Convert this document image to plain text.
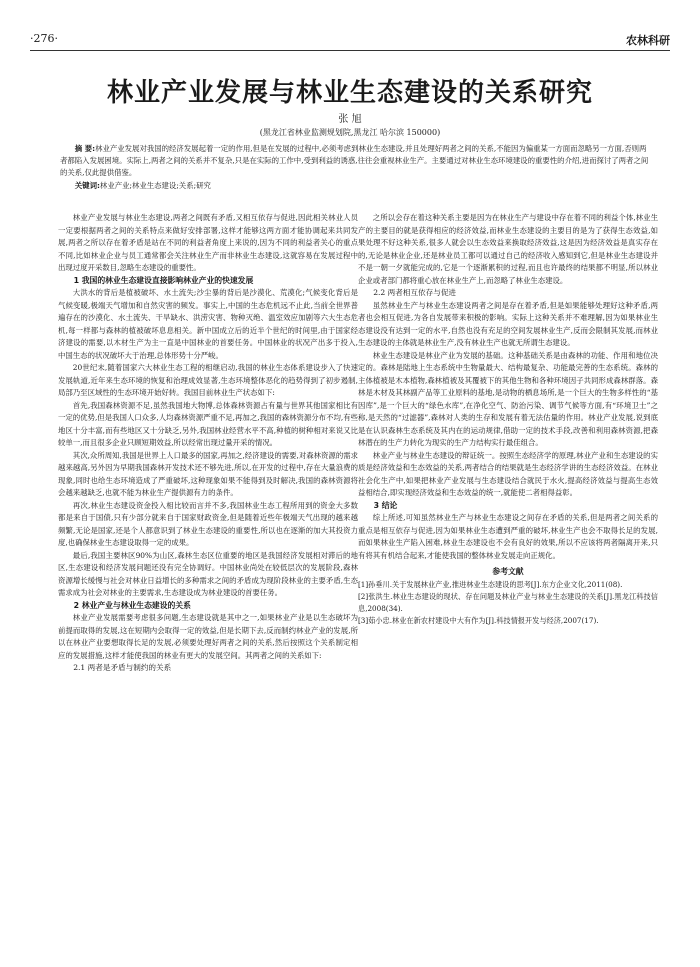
·276·	农林科研
林业产业发展与林业生态建设的关系研究
张 旭
(黑龙江省林业监测规划院,黑龙江 哈尔滨 150000)
  摘 要:林业产业发展对我国的经济发展起着一定的作用,但是在发展的过程中,必须考虑到林业生态建设,并且处理好两者之间的关系,不能因为偏重某一方面而忽略另一方面,否则两者都陷入发展困境。实际上,两者之间的关系并不复杂,只是在实际的工作中,受到利益的诱惑,往往会重视林业生产。主要通过对林业生态环境建设的重要性的介绍,进而探讨了两者之间的关系,仅此提供借鉴。
  关键词:林业产业;林业生态建设;关系;研究

林业产业发展与林业生态建设,两者之间既有矛盾,又相互依存与促进,因此相关林业人员一定要根据两者之间的关系特点来做好安排部署,这样才能够这两方面才能协调起来共同发展,两者之所以存在着矛盾是站在不同的利益者角度上来说的,因为不同的利益者关心的重点不同,比如林业企业与员工通常都会关注林业生产而非林业生态建设,这就容易在发展过程中出现过度开采数目,忽略生态建设的重要性。

1 我国的林业生态建设直接影响林业产业的快速发展

大洪水的背后是植被破坏、水土流失;沙尘暴的背后是沙漠化、荒漠化;气候变化背后是气候变暖,极端天气增加和自然灾害的频发。事实上,中国的生态危机远不止此,当前全世界普遍存在的沙漠化、水土流失、干旱缺水、洪涝灾害、物种灭绝、温室效应加剧等六大生态危机,每一样都与森林的植被破坏息息相关。新中国成立后的近半个世纪的时间里,由于国家经济建设的需要,以木材生产为主一直是中国林业的首要任务。中国林业的状况产出多于投入,中国生态的状况破坏大于治理,总体形势十分严峻。

20世纪末,随着国家六大林业生态工程的相继启动,我国的林业生态体系建设步入了快速发展轨道,近年来生态环境的恢复和治理成效显著,生态环境整体恶化的趋势得到了初步遏制,局部乃至区域性的生态环境开始好转。我国目前林业生产状态如下:

首先,我国森林资源不足,虽然我国地大物博,总体森林资源占有量与世界其他国家相比有一定的优势,但是我国人口众多,人均森林资源严重不足,再加之,我国的森林资源分布不均,有些地区十分丰富,而有些地区又十分缺乏,另外,我国林业经营水平不高,种植的树种相对来说又比较单一,而且很多企业只顾短期效益,所以经常出现过量开采的情况。

其次,众所周知,我国是世界上人口最多的国家,再加之,经济建设的需要,对森林资源的需求越来越高,另外因为早期我国森林开发技术还不够先进,所以,在开发的过程中,存在大量浪费的现象,同时也给生态环境造成了严重破坏,这种现象如果不能得到及时解决,我国的森林资源将会越来越缺乏,也就不能为林业生产提供源有力的条件。

再次,林业生态建设资金投入相比较而言并不多,我国林业生态工程所用到的资金大多数都是来自于国债,只有少部分就来自于国家财政资金,但是随着近些年极端天气出现的越来越频繁,无论是国家,还是个人都意识到了林业生态建设的重要性,所以也在逐渐的加大其投资力度,也确保林业生态建设取得一定的成果。

最后,我国主要林区90%为山区,森林生态区位重要的地区是我国经济发展相对滞后的地区,生态建设和经济发展问题还没有完全协调好。中国林业尚处在较低层次的发展阶段,森林资源增长缓慢与社会对林业日益增长的多种需求之间的矛盾成为现阶段林业的主要矛盾,生态需求成为社会对林业的主要需求,生态建设成为林业建设的首要任务。

2 林业产业与林业生态建设的关系

林业产业发展需要考虑很多问题,生态建设就是其中之一,如果林业产业是以生态破坏为前提而取得的发展,这在短期内会取得一定的效益,但是长期下去,反而制约林业产业的发展,所以在林业产业要想取得长足的发展,必须要处理好两者之间的关系,然后按照这个关系制定相应的发展措施,这样才能使我国的林业有更大的发展空间。其两者之间的关系如下:

2.1 两者是矛盾与制约的关系

之所以会存在着这种关系主要是因为在林业生产与建设中存在着不同的利益个体,林业生产的主要目的就是获得相应的经济效益,而林业生态建设的主要目的是为了获得生态效益,如果处理不好这种关系,很多人就会以生态效益来换取经济效益,这是因为经济效益是真实存在的,无论是林业企业,还是林业员工都可以通过自己的经济收入感知到它,但是林业生态建设并不是一朝一夕就能完成的,它是一个逐渐累积的过程,而且也许最终的结果都不明显,所以林业企业或者部门都将重心放在林业生产上,而忽略了林业生态建设。

2.2 两者相互依存与促进

虽然林业生产与林业生态建设两者之间是存在着矛盾,但是如果能够处理好这种矛盾,两者也会相互促进,为各自发展带来积极的影响。实际上这种关系并不难理解,因为如果林业生态建设没有达到一定的水平,自然也没有充足的空间发展林业生产,反而会限制其发展,而林业生态建设的主体就是林业生产,没有林业生产也就无所谓生态建设。

林业生态建设是林业产业为发展的基础。这种基础关系是由森林的功能、作用和地位决定的。森林是陆地上生态系统中生物量最大、结构最复杂、功能最完善的生态系统。森林的主体植被是木本植物,森林植被及其覆被下的其他生物和各种环境因子共同形成森林群落。森林是木材及其林副产品等工业原料的基地,是动物的栖息场所,是一个巨大的生物多样性的“基因库”,是一个巨大的“绿色水库”,在净化空气、防治污染、调节气候等方面,有“环境卫士”之称,是天然的“过滤器”,森林对人类的生存和发展有着无法估量的作用。林业产业发展,说到底是在认识森林生态系统及其内在的运动规律,借助一定的技术手段,改善和利用森林资源,把森林潜在的生产力转化为现实的生产力结构实行最佳组合。

林业产业与林业生态建设的辩证统一。按照生态经济学的原理,林业产业和生态建设的实质是经济效益和生态效益的关系,两者结合的结果就是生态经济学讲的生态经济效益。在林业社会化生产中,如果把林业产业发展与生态建设结合就民于水火,提高经济效益与提高生态效益相结合,即实现经济效益和生态效益的统一,就能使二者相得益彰。

3 结论

综上所述,可知虽然林业生产与林业生态建设之间存在矛盾的关系,但是两者之间关系的重点是相互依存与促进,因为如果林业生态遭到严重的破坏,林业生产也会不取得长足的发展,而如果林业生产陷入困难,林业生态建设也不会有良好的效果,所以不应该将两者隔离开来,只有将其有机结合起来,才能使我国的整体林业发展走向正规化。

参考文献

[1]孙垂川.关于发展林业产业,推进林业生态建设的思考[J].东方企业文化,2011(08).

[2]张洪生.林业生态建设的现状、存在问题及林业产业与林业生态建设的关系[J].黑龙江科技信息,2008(34).

[3]茹小忠.林业在新农村建设中大有作为[J].科技情报开发与经济,2007(17).
